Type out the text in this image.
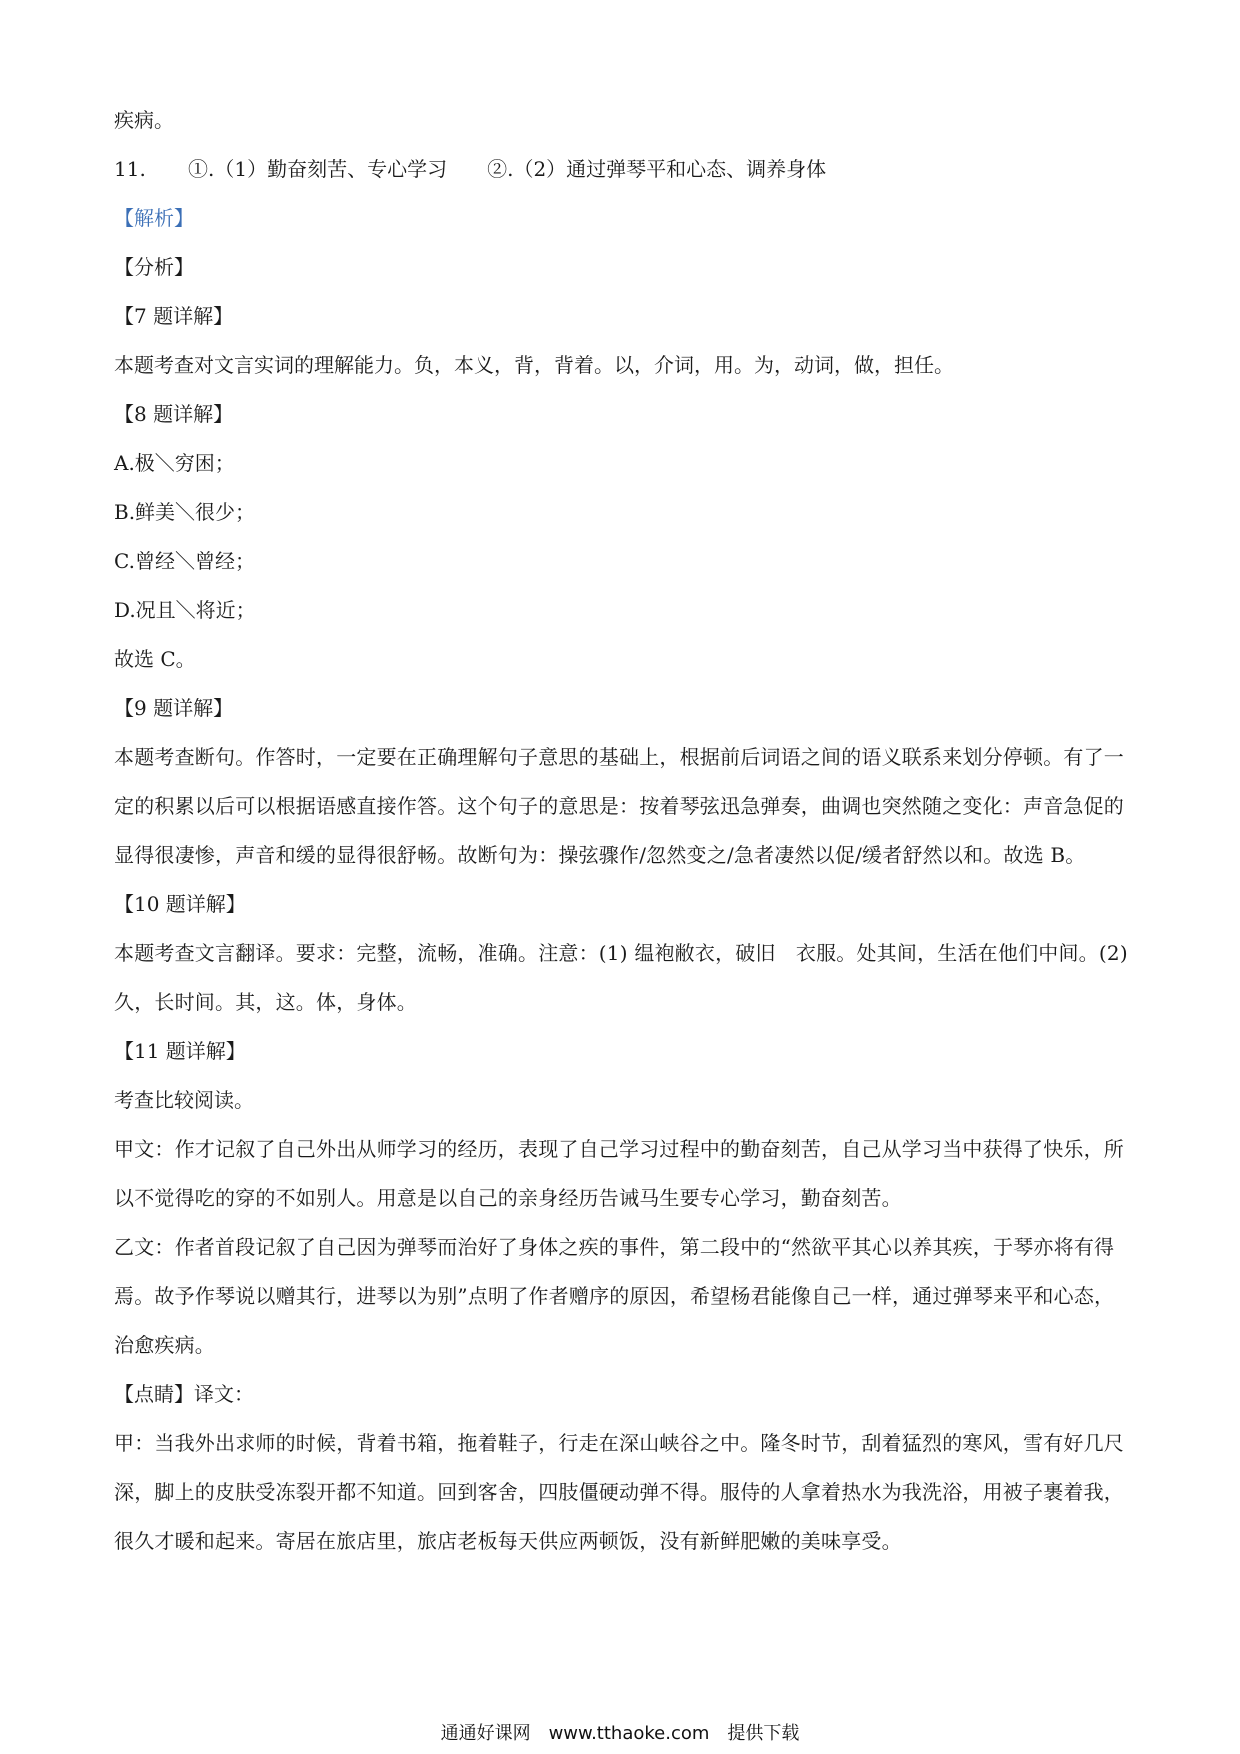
疾病。
11. ①.（1）勤奋刻苦、专心学习 ②.（2）通过弹琴平和心态、调养身体
【解析】
【分析】
【7 题详解】
本题考查对文言实词的理解能力。负，本义，背，背着。以，介词，用。为，动词，做，担任。
【8 题详解】
A.极＼穷困；
B.鲜美＼很少；
C.曾经＼曾经；
D.况且＼将近；
故选 C。
【9 题详解】
本题考查断句。作答时，一定要在正确理解句子意思的基础上，根据前后词语之间的语义联系来划分停顿。有了一定的积累以后可以根据语感直接作答。这个句子的意思是：按着琴弦迅急弹奏，曲调也突然随之变化：声音急促的显得很凄惨，声音和缓的显得很舒畅。故断句为：操弦骤作/忽然变之/急者凄然以促/缓者舒然以和。故选 B。
【10 题详解】
本题考查文言翻译。要求：完整，流畅，准确。注意：(1) 缊袍敝衣，破旧　衣服。处其间，生活在他们中间。(2)久，长时间。其，这。体，身体。
【11 题详解】
考查比较阅读。
甲文：作才记叙了自己外出从师学习的经历，表现了自己学习过程中的勤奋刻苦，自己从学习当中获得了快乐，所以不觉得吃的穿的不如别人。用意是以自己的亲身经历告诫马生要专心学习，勤奋刻苦。
乙文：作者首段记叙了自己因为弹琴而治好了身体之疾的事件，第二段中的“然欲平其心以养其疾，于琴亦将有得焉。故予作琴说以赠其行，进琴以为别”点明了作者赠序的原因，希望杨君能像自己一样，通过弹琴来平和心态，治愈疾病。
【点睛】译文：
甲：当我外出求师的时候，背着书箱，拖着鞋子，行走在深山峡谷之中。隆冬时节，刮着猛烈的寒风，雪有好几尺深，脚上的皮肤受冻裂开都不知道。回到客舍，四肢僵硬动弹不得。服侍的人拿着热水为我洗浴，用被子裹着我，很久才暖和起来。寄居在旅店里，旅店老板每天供应两顿饭，没有新鲜肥嫩的美味享受。
通通好课网　www.tthaoke.com　提供下载
